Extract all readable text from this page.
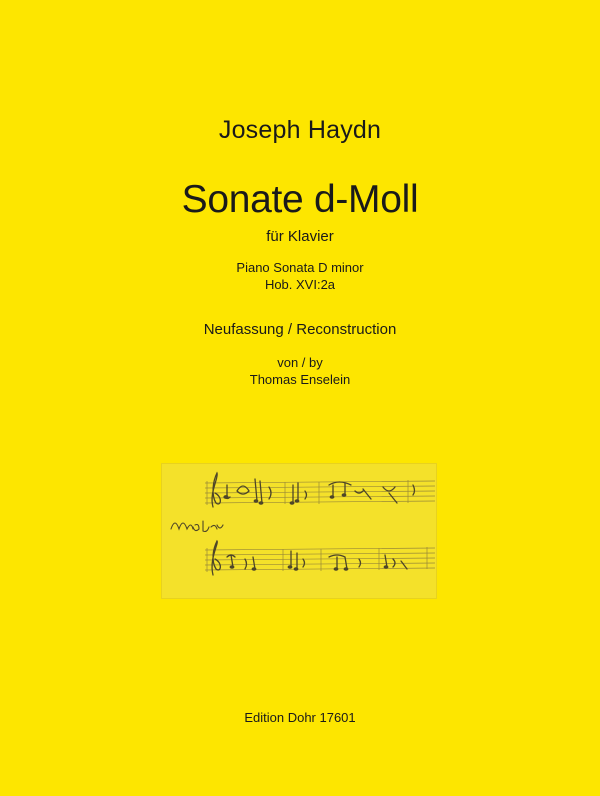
Joseph Haydn
Sonate d-Moll
für Klavier
Piano Sonata D minor
Hob. XVI:2a
Neufassung / Reconstruction
von / by
Thomas Enselein
Edition Dohr 17601
